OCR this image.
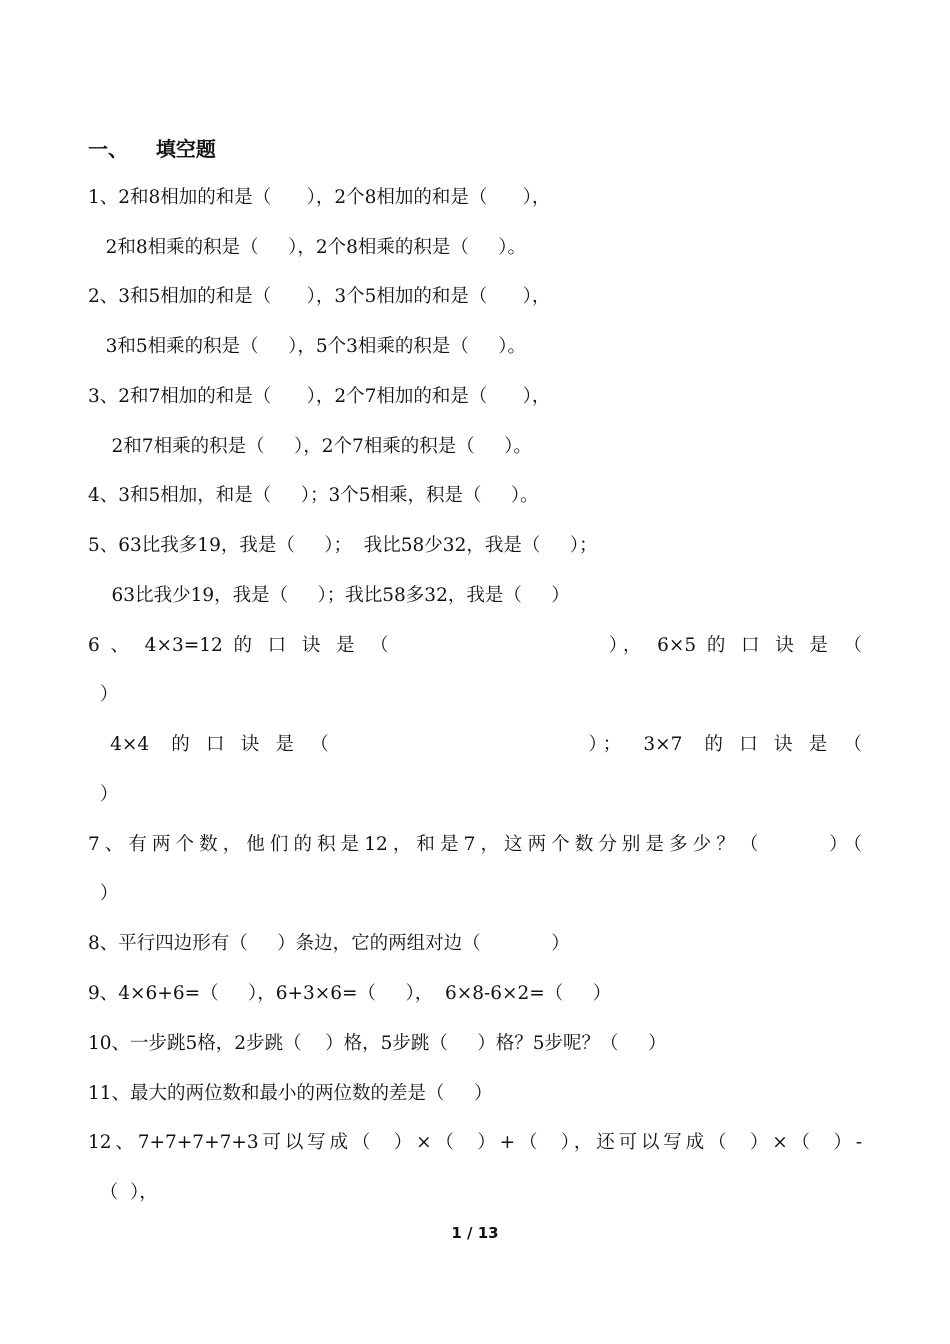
一、    填空题
1、2和8相加的和是（      ），2个8相加的和是（      ），
2和8相乘的积是（     ），2个8相乘的积是（     ）。
2、3和5相加的和是（      ），3个5相加的和是（      ），
3和5相乘的积是（     ），5个3相乘的积是（     ）。
3、2和7相加的和是（      ），2个7相加的和是（      ），
2和7相乘的积是（     ），2个7相乘的积是（     ）。
4、3和5相加，和是（     ）；3个5相乘，积是（     ）。
5、63比我多19，我是（     ）；  我比58少32，我是（     ）；
63比我少19，我是（     ）；我比58多32，我是（     ）
6 、 4×3=12 的 口 诀 是 （                    ）， 6×5 的 口 诀 是 （
）
4×4  的 口 诀 是 （                       ）；  3×7  的 口 诀 是 （
）
7、有两个数，他们的积是12，和是7，这两个数分别是多少？（      ）（
）
8、平行四边形有（     ）条边，它的两组对边（            ）
9、4×6+6=（     ），6+3×6=（     ），  6×8-6×2=（     ）
10、一步跳5格，2步跳（    ）格，5步跳（     ）格？5步呢？（     ）
11、最大的两位数和最小的两位数的差是（     ）
12、7+7+7+7+3可以写成（  ）×（  ）+（  ），还可以写成（  ）×（  ）-
（  ），
1 / 13
